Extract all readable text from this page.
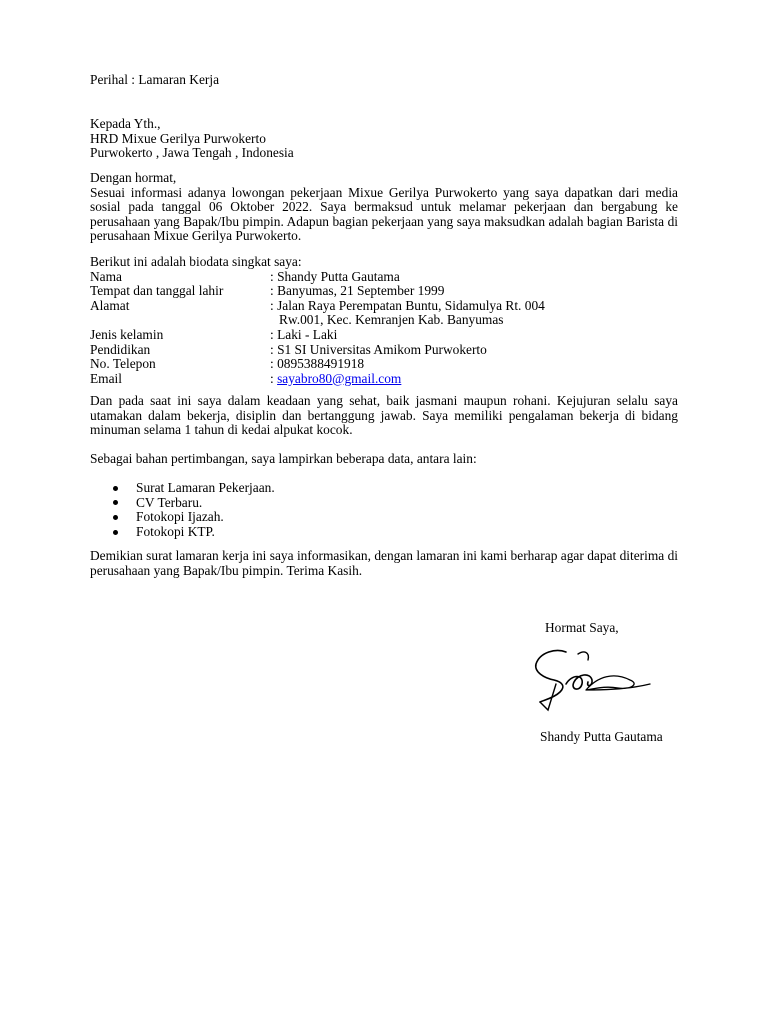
Perihal : Lamaran Kerja
Kepada Yth.,
HRD Mixue Gerilya Purwokerto
Purwokerto , Jawa Tengah , Indonesia
Dengan hormat,
Sesuai informasi adanya lowongan pekerjaan Mixue Gerilya Purwokerto yang saya dapatkan dari media sosial pada tanggal 06 Oktober 2022. Saya bermaksud untuk melamar pekerjaan dan bergabung ke perusahaan yang Bapak/Ibu pimpin. Adapun bagian pekerjaan yang saya maksudkan adalah bagian Barista di perusahaan Mixue Gerilya Purwokerto.
Berikut ini adalah biodata singkat saya:
Nama	: Shandy Putta Gautama
Tempat dan tanggal lahir	: Banyumas, 21 September 1999
Alamat	: Jalan Raya Perempatan Buntu, Sidamulya Rt. 004
Rw.001, Kec. Kemranjen Kab. Banyumas
Jenis kelamin	: Laki - Laki
Pendidikan	: S1 SI Universitas Amikom Purwokerto
No. Telepon	: 0895388491918
Email	: sayabro80@gmail.com
Dan pada saat ini saya dalam keadaan yang sehat, baik jasmani maupun rohani. Kejujuran selalu saya utamakan dalam bekerja, disiplin dan bertanggung jawab. Saya memiliki pengalaman bekerja di bidang minuman selama 1 tahun di kedai alpukat kocok.
Sebagai bahan pertimbangan, saya lampirkan beberapa data, antara lain:
Surat Lamaran Pekerjaan.
CV Terbaru.
Fotokopi Ijazah.
Fotokopi KTP.
Demikian surat lamaran kerja ini saya informasikan, dengan lamaran ini kami berharap agar dapat diterima di perusahaan yang Bapak/Ibu pimpin. Terima Kasih.
Hormat Saya,
Shandy Putta Gautama
